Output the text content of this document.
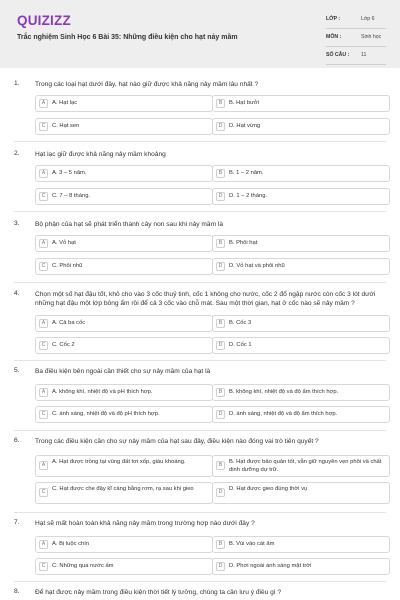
QUIZIZZ
Trắc nghiệm Sinh Học 6 Bài 35: Những điều kiện cho hạt nảy mầm
LỚP :	Lớp 6
MÔN :	Sinh học
SỐ CÂU : 11
1. Trong các loại hạt dưới đây, hạt nào giữ được khả năng nảy mầm lâu nhất ?
A	A. Hạt lạc	B	B. Hạt bưởi
C	C. Hạt sen	D	D. Hạt vừng
2. Hạt lạc giữ được khả năng nảy mầm khoảng
A	A. 3 – 5 năm.	B	B. 1 – 2 năm.
C	C. 7 – 8 tháng.	D	D. 1 – 2 tháng.
3. Bộ phận của hạt sẽ phát triển thành cây non sau khi nảy mầm là
A	A. Vỏ hạt	B	B. Phôi hạt
C	C. Phôi nhũ	D	D. Vỏ hạt và phôi nhũ
4. Chọn một số hạt đậu tốt, khô cho vào 3 cốc thuỷ tinh, cốc 1 không cho nước, cốc 2 đổ ngập nước còn cốc 3 lót dưới những hạt đậu một lớp bông ẩm rồi để cả 3 cốc vào chỗ mát. Sau một thời gian, hạt ở cốc nào sẽ nảy mầm ?
A	A. Cả ba cốc	B	B. Cốc 3
C	C. Cốc 2	D	D. Cốc 1
5. Ba điều kiện bên ngoài cần thiết cho sự nảy mầm của hạt là
A	A. không khí, nhiệt độ và pH thích hợp.	B	B. không khí, nhiệt độ và độ ẩm thích hợp.
C	C. ánh sáng, nhiệt độ và độ pH thích hợp.	D	D. ánh sáng, nhiệt độ và độ ẩm thích hợp.
6. Trong các điều kiện cần cho sự nảy mầm của hạt sau đây, điều kiện nào đóng vai trò tiên quyết ?
A	A. Hạt được trồng tại vùng đất tơi xốp, giàu khoáng.	B	B. Hạt được bảo quản tốt, vẫn giữ nguyên vẹn phôi và chất dinh dưỡng dự trữ.
C	C. Hạt được che đậy kĩ càng bằng rơm, rạ sau khi gieo	D	D. Hạt được gieo đúng thời vụ
7. Hạt sẽ mất hoàn toàn khả năng nảy mầm trong trường hợp nào dưới đây ?
A	A. Bị luộc chín	B	B. Vùi vào cát ẩm
C	C. Những qua nước ấm	D	D. Phơi ngoài ánh sáng mặt trời
8. Để hạt được nảy mầm trong điều kiện thời tiết lý tưởng, chúng ta cần lưu ý điều gì ?
